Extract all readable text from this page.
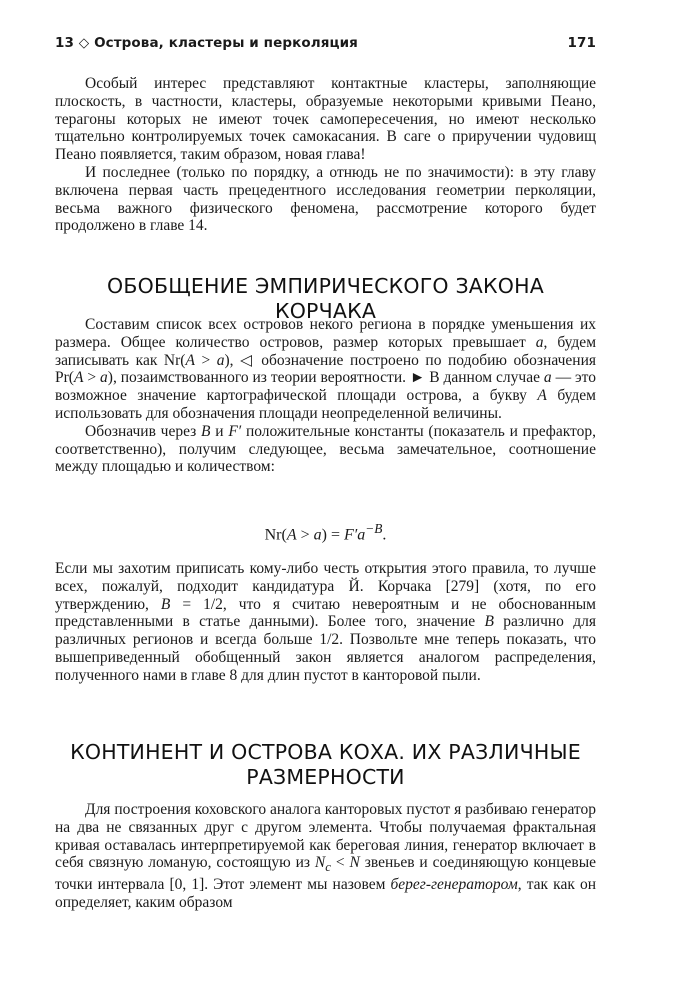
13 ◇ Острова, кластеры и перколяция	171

Особый интерес представляют контактные кластеры, заполняющие плоскость, в частности, кластеры, образуемые некоторыми кривыми Пеано, терагоны которых не имеют точек самопересечения, но имеют несколько тщательно контролируемых точек самокасания. В саге о приручении чудовищ Пеано появляется, таким образом, новая глава!

И последнее (только по порядку, а отнюдь не по значимости): в эту главу включена первая часть прецедентного исследования геометрии перколяции, весьма важного физического феномена, рассмотрение которого будет продолжено в главе 14.

ОБОБЩЕНИЕ ЭМПИРИЧЕСКОГО ЗАКОНА КОРЧАКА

Составим список всех островов некого региона в порядке уменьшения их размера. Общее количество островов, размер которых превышает a, будем записывать как Nr(A > a), ◁ обозначение построено по подобию обозначения Pr(A > a), позаимствованного из теории вероятности. ► В данном случае a — это возможное значение картографической площади острова, а букву A будем использовать для обозначения площади неопределенной величины.

Обозначив через B и F′ положительные константы (показатель и префактор, соответственно), получим следующее, весьма замечательное, соотношение между площадью и количеством:

$Nr(A > a) = F'a^{-B}$.

Если мы захотим приписать кому-либо честь открытия этого правила, то лучше всех, пожалуй, подходит кандидатура Й. Корчака [279] (хотя, по его утверждению, B = 1/2, что я считаю невероятным и не обоснованным представленными в статье данными). Более того, значение B различно для различных регионов и всегда больше 1/2. Позвольте мне теперь показать, что вышеприведенный обобщенный закон является аналогом распределения, полученного нами в главе 8 для длин пустот в канторовой пыли.

КОНТИНЕНТ И ОСТРОВА КОХА. ИХ РАЗЛИЧНЫЕ РАЗМЕРНОСТИ

Для построения коховского аналога канторовых пустот я разбиваю генератор на два не связанных друг с другом элемента. Чтобы получаемая фрактальная кривая оставалась интерпретируемой как береговая линия, генератор включает в себя связную ломаную, состоящую из $N_c < N$ звеньев и соединяющую концевые точки интервала [0, 1]. Этот элемент мы назовем берег-генератором, так как он определяет, каким образом
